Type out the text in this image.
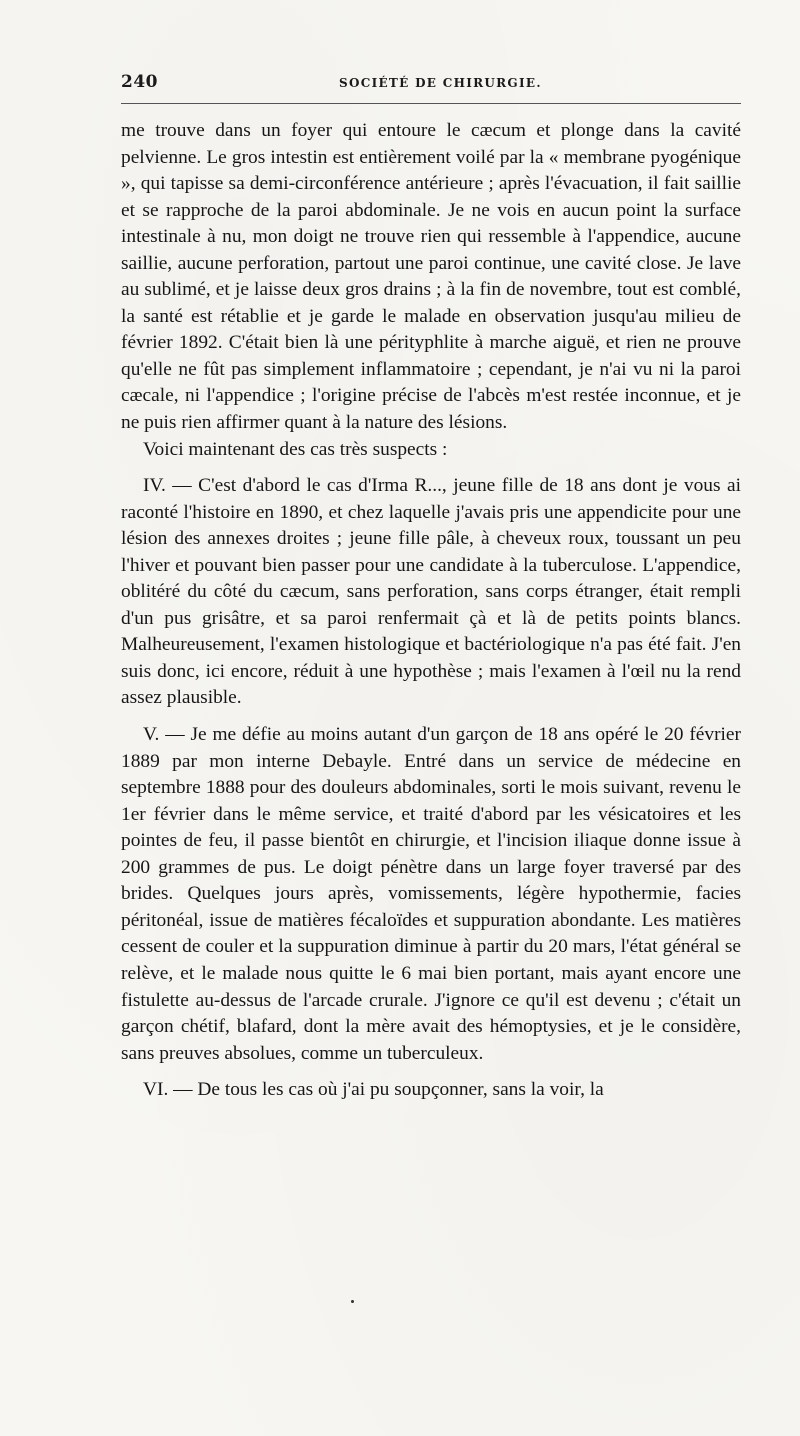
240	SOCIÉTÉ DE CHIRURGIE.

me trouve dans un foyer qui entoure le cæcum et plonge dans la cavité pelvienne. Le gros intestin est entièrement voilé par la « membrane pyogénique », qui tapisse sa demi-circonférence antérieure ; après l'évacuation, il fait saillie et se rapproche de la paroi abdominale. Je ne vois en aucun point la surface intestinale à nu, mon doigt ne trouve rien qui ressemble à l'appendice, aucune saillie, aucune perforation, partout une paroi continue, une cavité close. Je lave au sublimé, et je laisse deux gros drains ; à la fin de novembre, tout est comblé, la santé est rétablie et je garde le malade en observation jusqu'au milieu de février 1892. C'était bien là une pérityphlite à marche aiguë, et rien ne prouve qu'elle ne fût pas simplement inflammatoire ; cependant, je n'ai vu ni la paroi cæcale, ni l'appendice ; l'origine précise de l'abcès m'est restée inconnue, et je ne puis rien affirmer quant à la nature des lésions.

Voici maintenant des cas très suspects :

IV. — C'est d'abord le cas d'Irma R..., jeune fille de 18 ans dont je vous ai raconté l'histoire en 1890, et chez laquelle j'avais pris une appendicite pour une lésion des annexes droites ; jeune fille pâle, à cheveux roux, toussant un peu l'hiver et pouvant bien passer pour une candidate à la tuberculose. L'appendice, oblitéré du côté du cæcum, sans perforation, sans corps étranger, était rempli d'un pus grisâtre, et sa paroi renfermait çà et là de petits points blancs. Malheureusement, l'examen histologique et bactériologique n'a pas été fait. J'en suis donc, ici encore, réduit à une hypothèse ; mais l'examen à l'œil nu la rend assez plausible.

V. — Je me défie au moins autant d'un garçon de 18 ans opéré le 20 février 1889 par mon interne Debayle. Entré dans un service de médecine en septembre 1888 pour des douleurs abdominales, sorti le mois suivant, revenu le 1er février dans le même service, et traité d'abord par les vésicatoires et les pointes de feu, il passe bientôt en chirurgie, et l'incision iliaque donne issue à 200 grammes de pus. Le doigt pénètre dans un large foyer traversé par des brides. Quelques jours après, vomissements, légère hypothermie, facies péritonéal, issue de matières fécaloïdes et suppuration abondante. Les matières cessent de couler et la suppuration diminue à partir du 20 mars, l'état général se relève, et le malade nous quitte le 6 mai bien portant, mais ayant encore une fistulette au-dessus de l'arcade crurale. J'ignore ce qu'il est devenu ; c'était un garçon chétif, blafard, dont la mère avait des hémoptysies, et je le considère, sans preuves absolues, comme un tuberculeux.

VI. — De tous les cas où j'ai pu soupçonner, sans la voir, la
